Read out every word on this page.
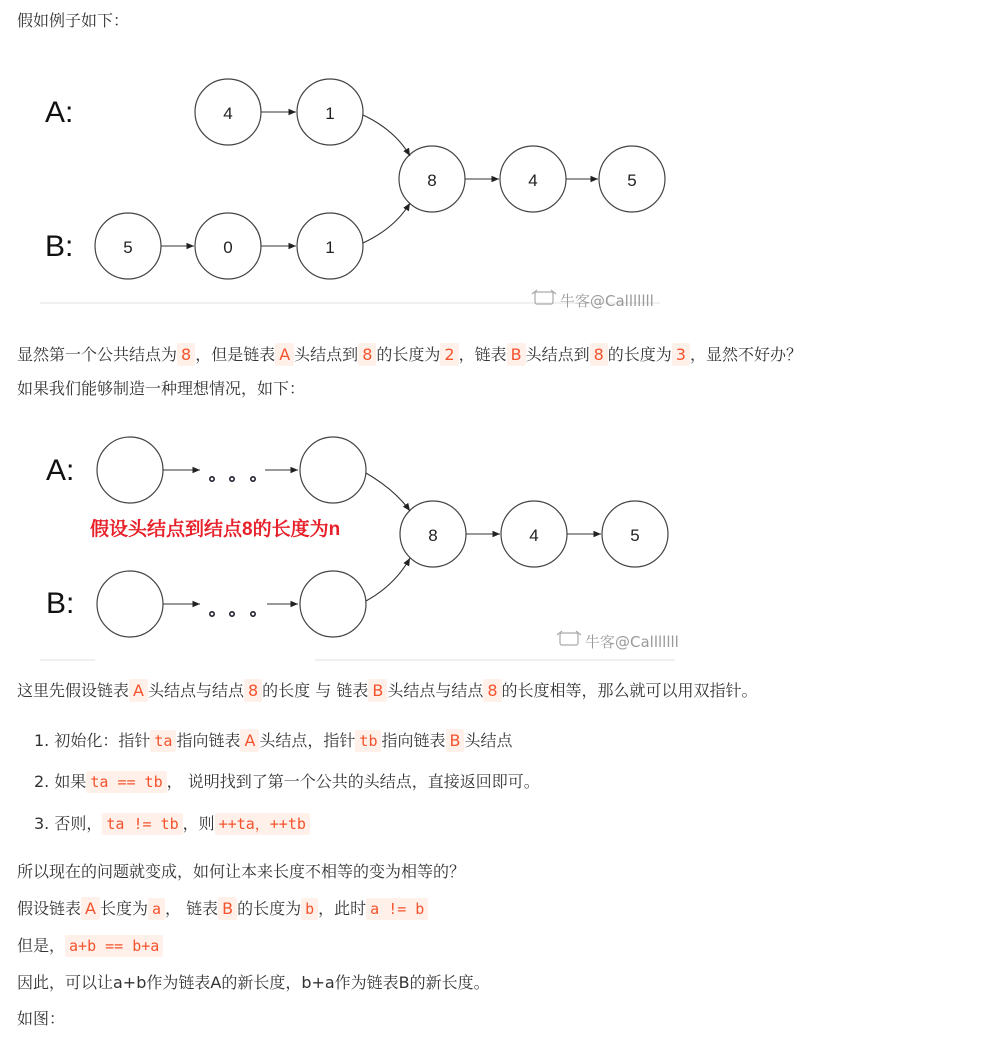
假如例子如下：
A:
B:
4	1
5	0	1
8	4	5
牛客@Calllllll
显然第一个公共结点为 8 ，但是链表 A 头结点到 8 的长度为 2 ，链表 B 头结点到 8 的长度为 3 ，显然不好办？
如果我们能够制造一种理想情况，如下：
A:
B:
假设头结点到结点8的长度为n	8	4	5
牛客@Calllllll
这里先假设链表 A 头结点与结点 8 的长度 与 链表 B 头结点与结点 8 的长度相等，那么就可以用双指针。
1. 初始化：指针 ta 指向链表 A 头结点，指针 tb 指向链表 B 头结点
2. 如果 ta == tb ， 说明找到了第一个公共的头结点，直接返回即可。
3. 否则， ta != tb ，则 ++ta，++tb
所以现在的问题就变成，如何让本来长度不相等的变为相等的？
假设链表 A 长度为 a ， 链表 B 的长度为 b ，此时 a != b
但是， a+b == b+a
因此，可以让a+b作为链表A的新长度，b+a作为链表B的新长度。
如图：
